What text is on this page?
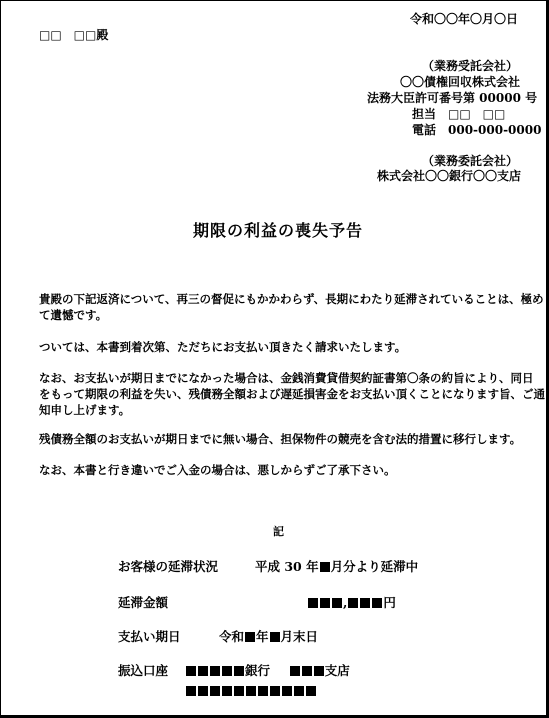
令和〇〇年〇月〇日
□□　□□殿
（業務受託会社）
〇〇債権回収株式会社
法務大臣許可番号第 00000 号
担当　□□　□□
電話　000-000-0000
（業務委託会社）
株式会社〇〇銀行〇〇支店
期限の利益の喪失予告
貴殿の下記返済について、再三の督促にもかかわらず、長期にわたり延滞されていることは、極め
て遺憾です。
ついては、本書到着次第、ただちにお支払い頂きたく請求いたします。
なお、お支払いが期日までになかった場合は、金銭消費貸借契約証書第〇条の約旨により、同日
をもって期限の利益を失い、残債務全額および遅延損害金をお支払い頂くことになります旨、ご通
知申し上げます。
残債務全額のお支払いが期日までに無い場合、担保物件の競売を含む法的措置に移行します。
なお、本書と行き違いでご入金の場合は、悪しからずご了承下さい。
記
お客様の延滞状況	平成 30 年 月分より延滞中
延滞金額	,	円
支払い期日	令和 年 月末日
振込口座	銀行	支店
